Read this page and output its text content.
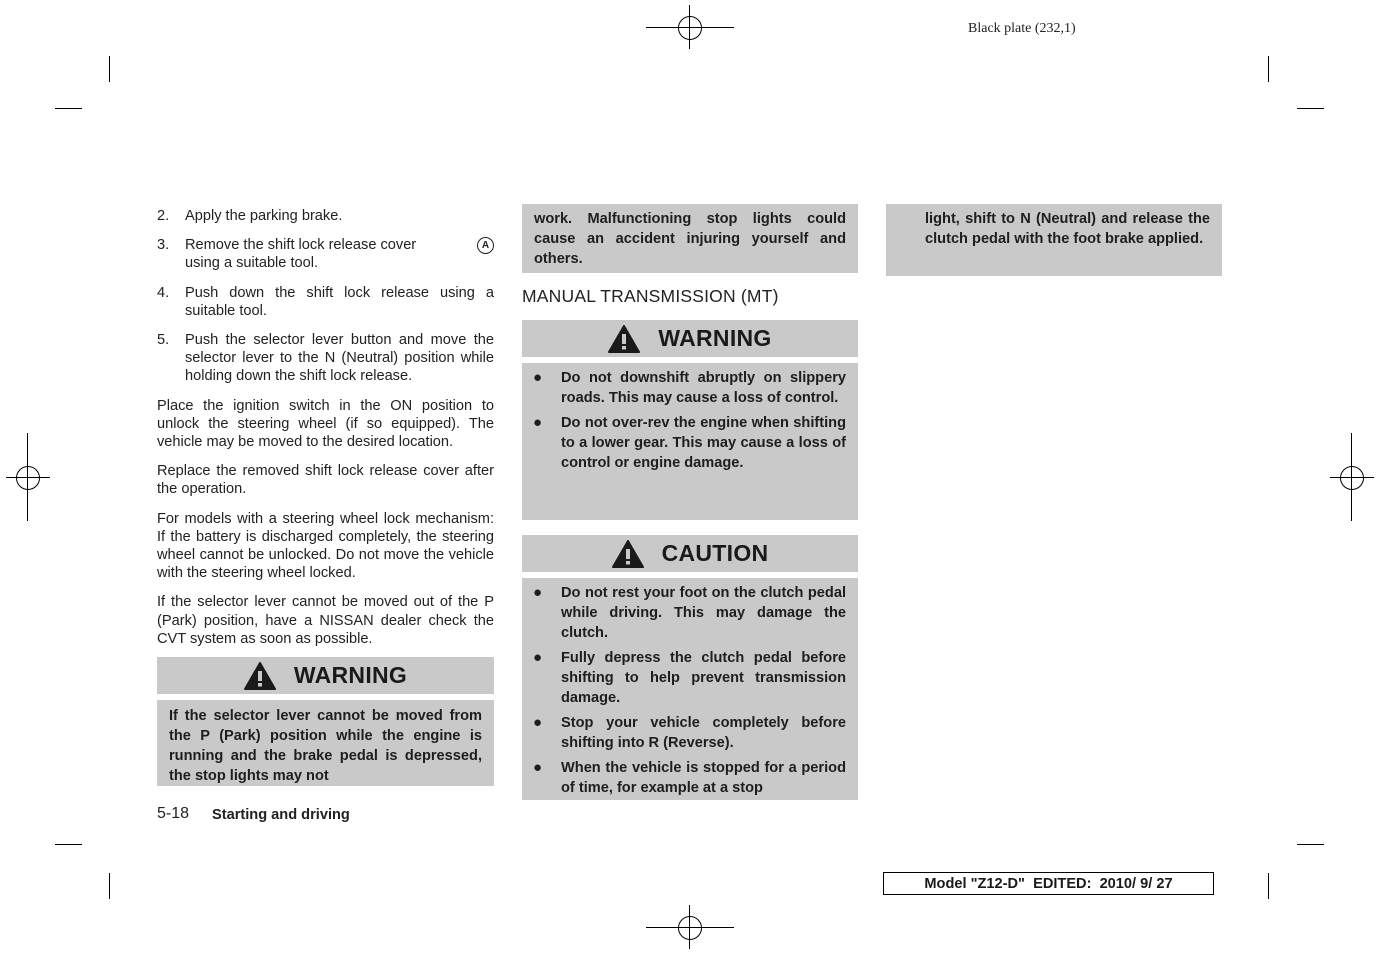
Black plate (232,1)
2.	Apply the parking brake.
3.	A
Remove the shift lock release cover
using a suitable tool.
4.	Push down the shift lock release using a suitable tool.
5.	Push the selector lever button and move the selector lever to the N (Neutral) position while holding down the shift lock release.

Place the ignition switch in the ON position to unlock the steering wheel (if so equipped). The vehicle may be moved to the desired location.

Replace the removed shift lock release cover after the operation.

For models with a steering wheel lock mechanism: If the battery is discharged completely, the steering wheel cannot be unlocked. Do not move the vehicle with the steering wheel locked.

If the selector lever cannot be moved out of the P (Park) position, have a NISSAN dealer check the CVT system as soon as possible.

WARNING
If the selector lever cannot be moved from the P (Park) position while the engine is running and the brake pedal is depressed, the stop lights may not
5-18 Starting and driving
work. Malfunctioning stop lights could cause an accident injuring yourself and others.
MANUAL TRANSMISSION (MT)
WARNING
●	Do not downshift abruptly on slippery roads. This may cause a loss of control.
●	Do not over-rev the engine when shifting to a lower gear. This may cause a loss of control or engine damage.
CAUTION
●	Do not rest your foot on the clutch pedal while driving. This may damage the clutch.
●	Fully depress the clutch pedal before shifting to help prevent transmission damage.
●	Stop your vehicle completely before shifting into R (Reverse).
●	When the vehicle is stopped for a period of time, for example at a stop
light, shift to N (Neutral) and release the clutch pedal with the foot brake applied.
Model "Z12-D"  EDITED:  2010/ 9/ 27
